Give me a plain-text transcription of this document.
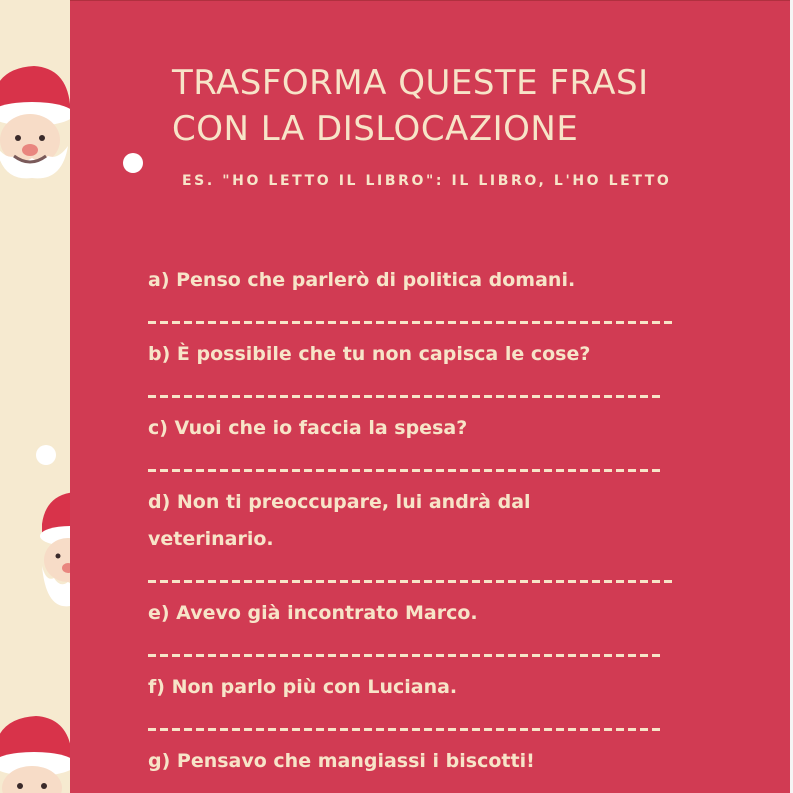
TRASFORMA QUESTE FRASI
CON LA DISLOCAZIONE

ES. "HO LETTO IL LIBRO": IL LIBRO, L'HO LETTO

a) Penso che parlerò di politica domani.

b) È possibile che tu non capisca le cose?

c) Vuoi che io faccia la spesa?

d) Non ti preoccupare, lui andrà dal veterinario.

e) Avevo già incontrato Marco.

f) Non parlo più con Luciana.

g) Pensavo che mangiassi i biscotti!
